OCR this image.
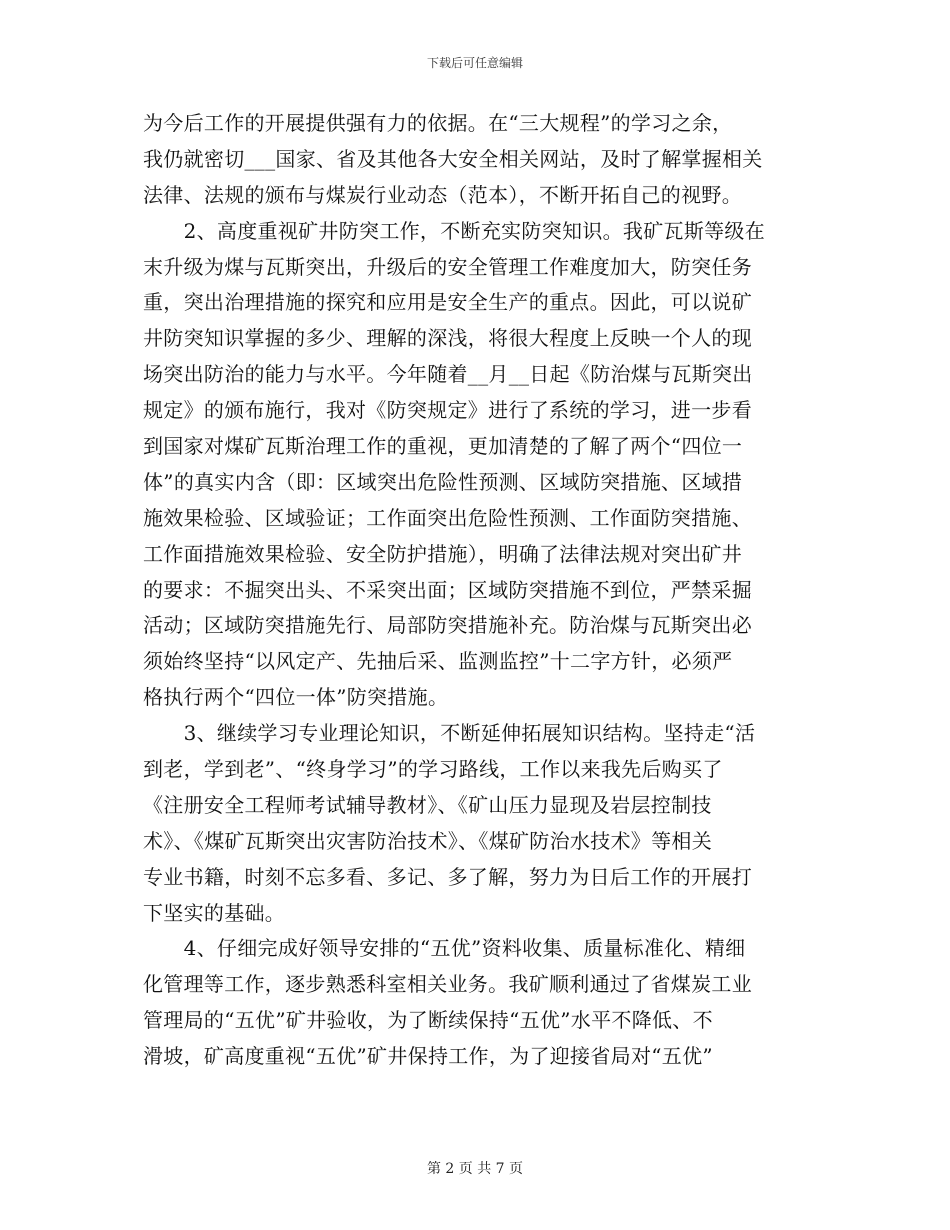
下载后可任意编辑
为今后工作的开展提供强有力的依据。在“三大规程”的学习之余，
我仍就密切___国家、省及其他各大安全相关网站，及时了解掌握相关
法律、法规的颁布与煤炭行业动态（范本），不断开拓自己的视野。
　　2、高度重视矿井防突工作，不断充实防突知识。我矿瓦斯等级在
末升级为煤与瓦斯突出，升级后的安全管理工作难度加大，防突任务
重，突出治理措施的探究和应用是安全生产的重点。因此，可以说矿
井防突知识掌握的多少、理解的深浅，将很大程度上反映一个人的现
场突出防治的能力与水平。今年随着__月__日起《防治煤与瓦斯突出
规定》的颁布施行，我对《防突规定》进行了系统的学习，进一步看
到国家对煤矿瓦斯治理工作的重视，更加清楚的了解了两个“四位一
体”的真实内含（即：区域突出危险性预测、区域防突措施、区域措
施效果检验、区域验证；工作面突出危险性预测、工作面防突措施、
工作面措施效果检验、安全防护措施），明确了法律法规对突出矿井
的要求：不掘突出头、不采突出面；区域防突措施不到位，严禁采掘
活动；区域防突措施先行、局部防突措施补充。防治煤与瓦斯突出必
须始终坚持“以风定产、先抽后采、监测监控”十二字方针，必须严
格执行两个“四位一体”防突措施。
　　3、继续学习专业理论知识，不断延伸拓展知识结构。坚持走“活
到老，学到老”、“终身学习”的学习路线，工作以来我先后购买了
《注册安全工程师考试辅导教材》、《矿山压力显现及岩层控制技
术》、《煤矿瓦斯突出灾害防治技术》、《煤矿防治水技术》等相关
专业书籍，时刻不忘多看、多记、多了解，努力为日后工作的开展打
下坚实的基础。
　　4、仔细完成好领导安排的“五优”资料收集、质量标准化、精细
化管理等工作，逐步熟悉科室相关业务。我矿顺利通过了省煤炭工业
管理局的“五优”矿井验收，为了断续保持“五优”水平不降低、不
滑坡，矿高度重视“五优”矿井保持工作，为了迎接省局对“五优”
第 2 页 共 7 页
